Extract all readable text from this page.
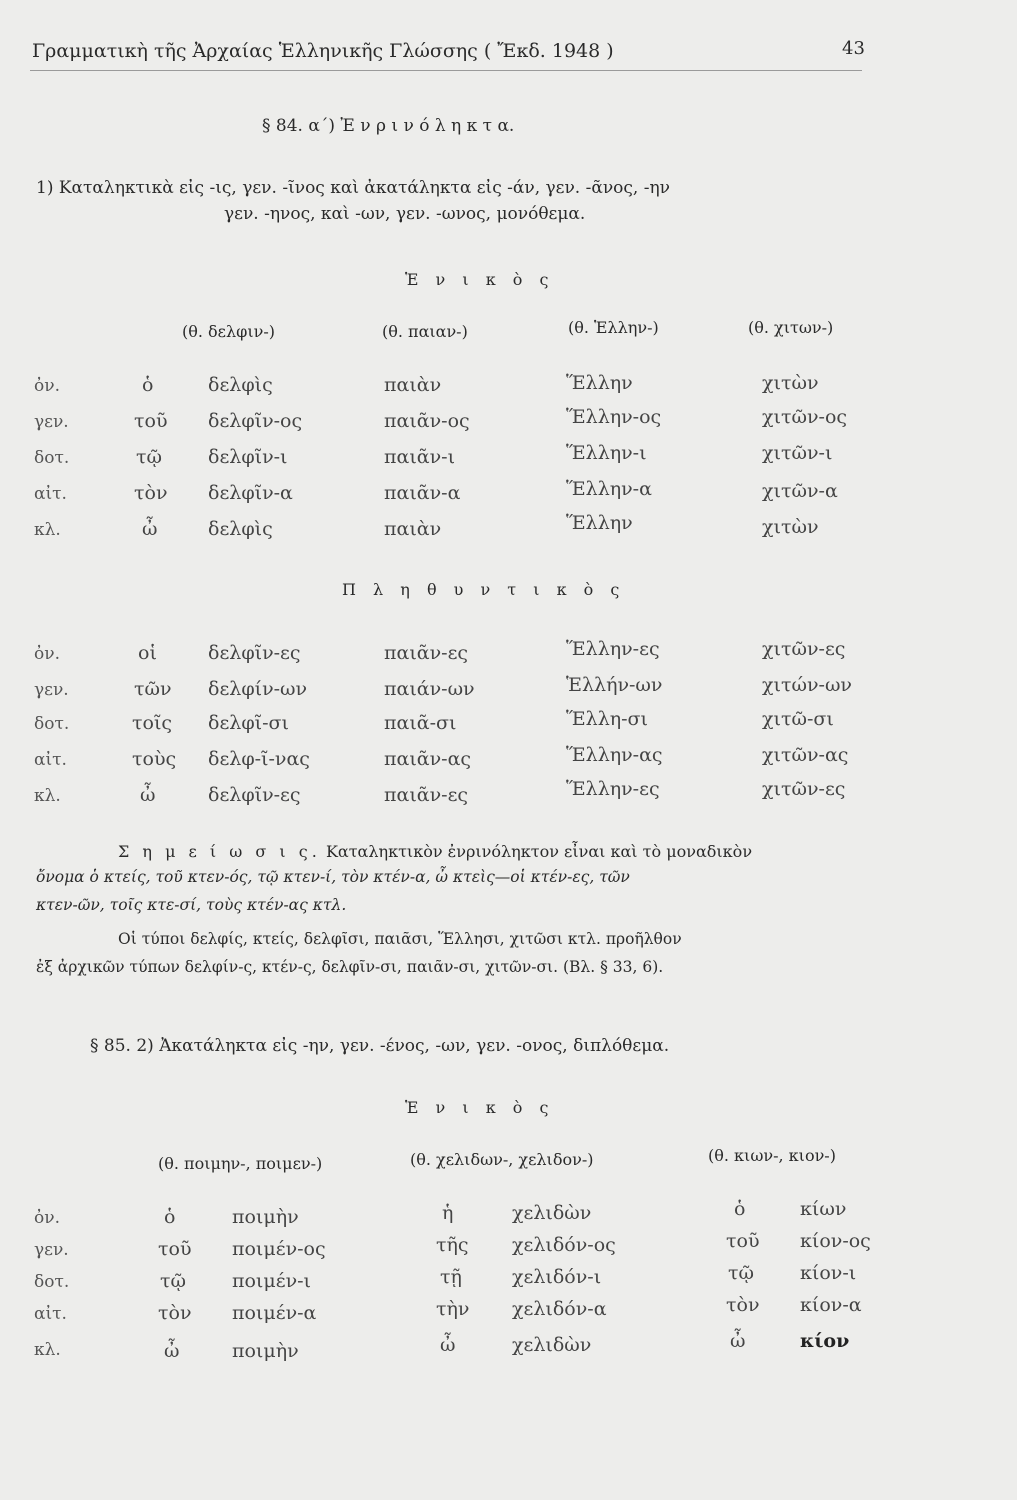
Γραμματικὴ τῆς Ἀρχαίας Ἑλληνικῆς Γλώσσης ( Ἔκδ. 1948 )	43
§ 84. α΄) Ἐ ν ρ ι ν ό λ η κ τ α.
1) Καταληκτικὰ εἰς -ις, γεν. -ῖνος καὶ ἀκατάληκτα εἰς -άν, γεν. -ᾶνος, -ην
γεν. -ηνος, καὶ -ων, γεν. -ωνος, μονόθεμα.
Ἑ ν ι κ ὸ ς
(θ. δελφιν-)	(θ. παιαν-)	(θ. Ἑλλην-)	(θ. χιτων-)
ὀν.	ὁ	δελφὶς	παιὰν	Ἕλλην	χιτὼν
γεν.	τοῦ δελφῖν-ος	παιᾶν-ος	Ἕλλην-ος	χιτῶν-ος
δοτ.	τῷ δελφῖν-ι	παιᾶν-ι	Ἕλλην-ι	χιτῶν-ι
αἰτ.	τὸν δελφῖν-α	παιᾶν-α	Ἕλλην-α	χιτῶν-α
κλ.	ὦ	δελφὶς	παιὰν	Ἕλλην	χιτὼν
Π λ η θ υ ν τ ι κ ὸ ς
ὀν.	οἱ	δελφῖν-ες	παιᾶν-ες	Ἕλλην-ες	χιτῶν-ες
γεν.	τῶν δελφίν-ων	παιάν-ων	Ἑλλήν-ων	χιτών-ων
δοτ.	τοῖς δελφῖ-σι	παιᾶ-σι	Ἕλλη-σι	χιτῶ-σι
αἰτ.	τοὺς δελφ-ῖ-νας	παιᾶν-ας	Ἕλλην-ας	χιτῶν-ας
κλ.	ὦ	δελφῖν-ες	παιᾶν-ες	Ἕλλην-ες	χιτῶν-ες
Σ η μ ε ί ω σ ι ς. Καταληκτικὸν ἐνρινόληκτον εἶναι καὶ τὸ μοναδικὸν
ὄνομα ὁ κτείς, τοῦ κτεν-ός, τῷ κτεν-ί, τὸν κτέν-α, ὦ κτεὶς—οἱ κτέν-ες, τῶν
κτεν-ῶν, τοῖς κτε-σί, τοὺς κτέν-ας κτλ.
Οἱ τύποι δελφίς, κτείς, δελφῖσι, παιᾶσι, Ἕλλησι, χιτῶσι κτλ. προῆλθον
ἐξ ἀρχικῶν τύπων δελφίν-ς, κτέν-ς, δελφῖν-σι, παιᾶν-σι, χιτῶν-σι. (Βλ. § 33, 6).
§ 85. 2) Ἀκατάληκτα εἰς -ην, γεν. -ένος, -ων, γεν. -ονος, διπλόθεμα.
Ἑ ν ι κ ὸ ς
(θ. ποιμην-, ποιμεν-)	(θ. χελιδων-, χελιδον-)	(θ. κιων-, κιον-)
ὀν.	ὁ	ποιμὴν	ἡ	χελιδὼν	ὁ	κίων
γεν.	τοῦ ποιμέν-ος	τῆς χελιδόν-ος	τοῦ κίον-ος
δοτ.	τῷ ποιμέν-ι	τῇ	χελιδόν-ι	τῷ κίον-ι
αἰτ.	τὸν ποιμέν-α	τὴν χελιδόν-α	τὸν κίον-α
κλ.	ὦ	ποιμὴν	ὦ	χελιδὼν	ὦ	κίον
